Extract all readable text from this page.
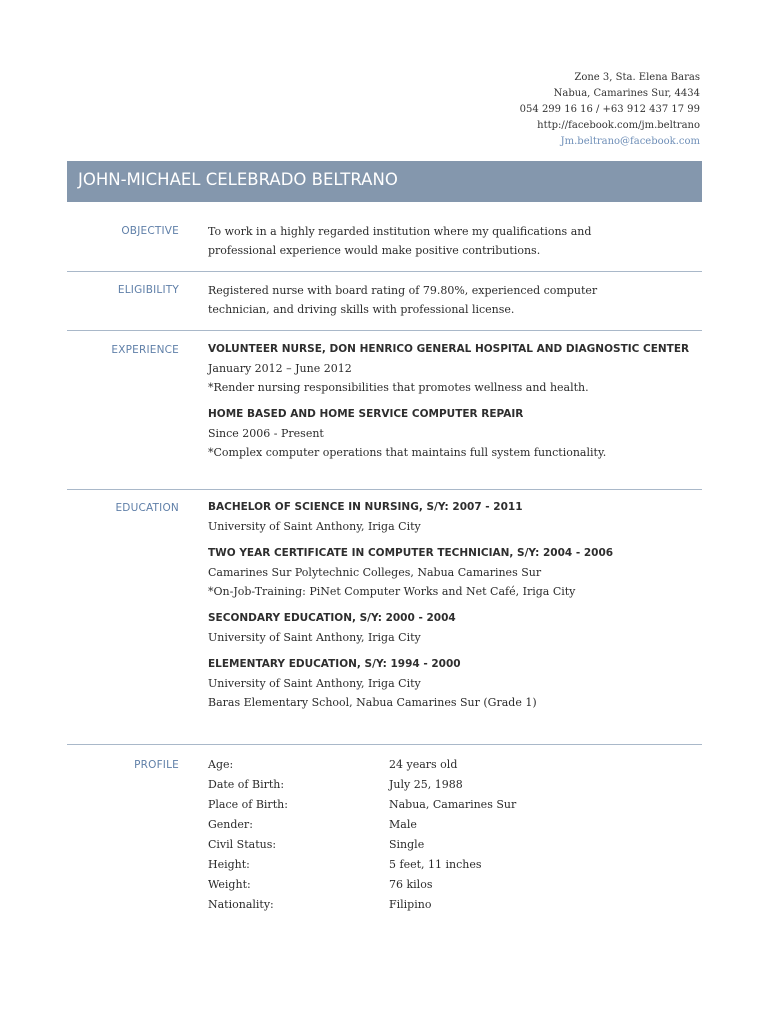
Zone 3, Sta. Elena Baras
Nabua, Camarines Sur, 4434
054 299 16 16 / +63 912 437 17 99
http://facebook.com/jm.beltrano
Jm.beltrano@facebook.com
JOHN-MICHAEL CELEBRADO BELTRANO
OBJECTIVE	To work in a highly regarded institution where my qualifications and
professional experience would make positive contributions.
ELIGIBILITY	Registered nurse with board rating of 79.80%, experienced computer
technician, and driving skills with professional license.
EXPERIENCE	VOLUNTEER NURSE, DON HENRICO GENERAL HOSPITAL AND DIAGNOSTIC CENTER
January 2012 – June 2012
*Render nursing responsibilities that promotes wellness and health.
HOME BASED AND HOME SERVICE COMPUTER REPAIR
Since 2006 - Present
*Complex computer operations that maintains full system functionality.
EDUCATION	BACHELOR OF SCIENCE IN NURSING, S/Y: 2007 - 2011
University of Saint Anthony, Iriga City
TWO YEAR CERTIFICATE IN COMPUTER TECHNICIAN, S/Y: 2004 - 2006
Camarines Sur Polytechnic Colleges, Nabua Camarines Sur
*On-Job-Training: PiNet Computer Works and Net Café, Iriga City
SECONDARY EDUCATION, S/Y: 2000 - 2004
University of Saint Anthony, Iriga City
ELEMENTARY EDUCATION, S/Y: 1994 - 2000
University of Saint Anthony, Iriga City
Baras Elementary School, Nabua Camarines Sur (Grade 1)
PROFILE	Age:	24 years old
Date of Birth:	July 25, 1988
Place of Birth:	Nabua, Camarines Sur
Gender:	Male
Civil Status:	Single
Height:	5 feet, 11 inches
Weight:	76 kilos
Nationality:	Filipino
